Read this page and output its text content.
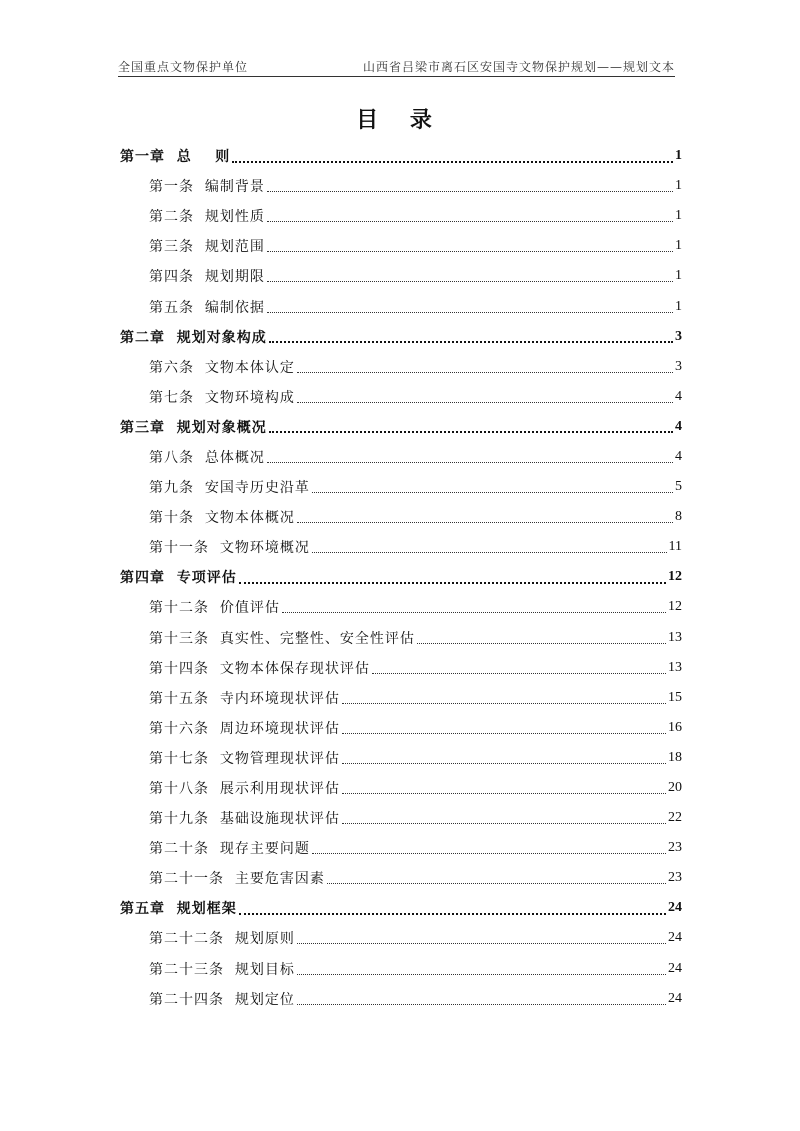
全国重点文物保护单位	山西省吕梁市离石区安国寺文物保护规划——规划文本
目 录
第一章  总    则	1
第一条  编制背景	1
第二条  规划性质	1
第三条  规划范围	1
第四条  规划期限	1
第五条  编制依据	1
第二章  规划对象构成	3
第六条  文物本体认定	3
第七条  文物环境构成	4
第三章  规划对象概况	4
第八条  总体概况	4
第九条  安国寺历史沿革	5
第十条  文物本体概况	8
第十一条  文物环境概况	11
第四章  专项评估	12
第十二条  价值评估	12
第十三条  真实性、完整性、安全性评估	13
第十四条  文物本体保存现状评估	13
第十五条  寺内环境现状评估	15
第十六条  周边环境现状评估	16
第十七条  文物管理现状评估	18
第十八条  展示利用现状评估	20
第十九条  基础设施现状评估	22
第二十条  现存主要问题	23
第二十一条  主要危害因素	23
第五章  规划框架	24
第二十二条  规划原则	24
第二十三条  规划目标	24
第二十四条  规划定位	24
